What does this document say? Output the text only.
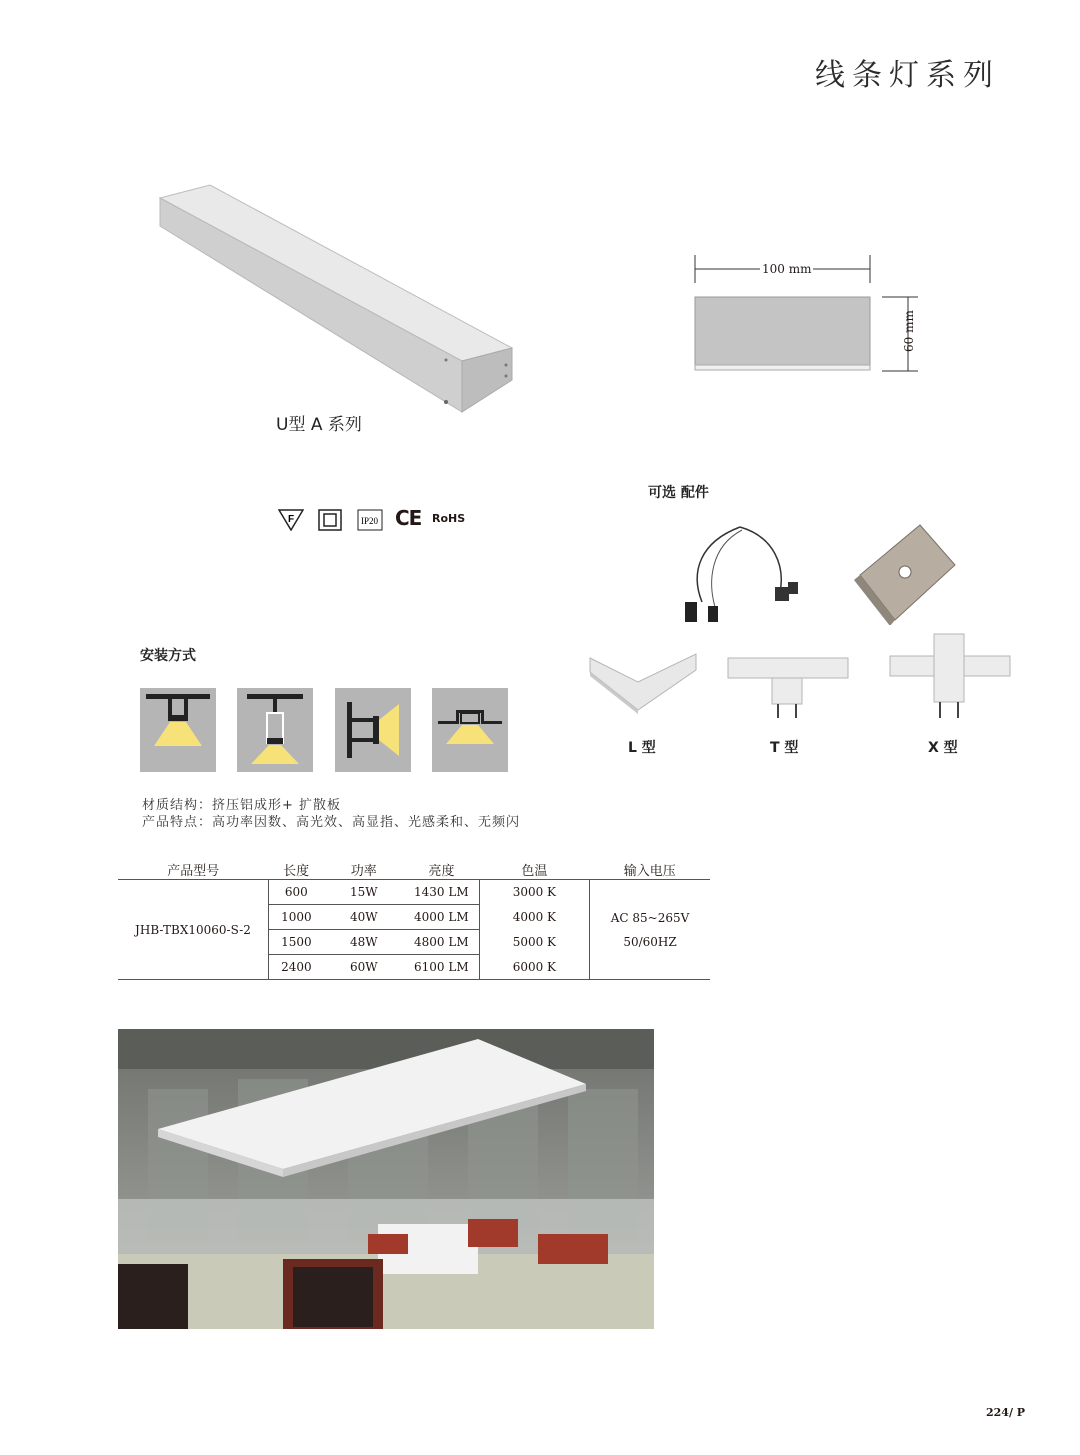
线条灯系列
U型 A 系列
100 mm
60 mm
F	IP20 CE RoHS
可选 配件
L 型	T 型	X 型
安装方式
材质结构：挤压铝成形+ 扩散板
产品特点：高功率因数、高光效、高显指、光感柔和、无频闪
产品型号	长度	功率	亮度	色温	输入电压
JHB-TBX10060-S-2	600	15W	1430 LM	3000 K	AC 85~265V
50/60HZ

	1000	40W	4000 LM	4000 K	
	1500	48W	4800 LM	5000 K	
	2400	60W	6100 LM	6000 K	
224/ P
